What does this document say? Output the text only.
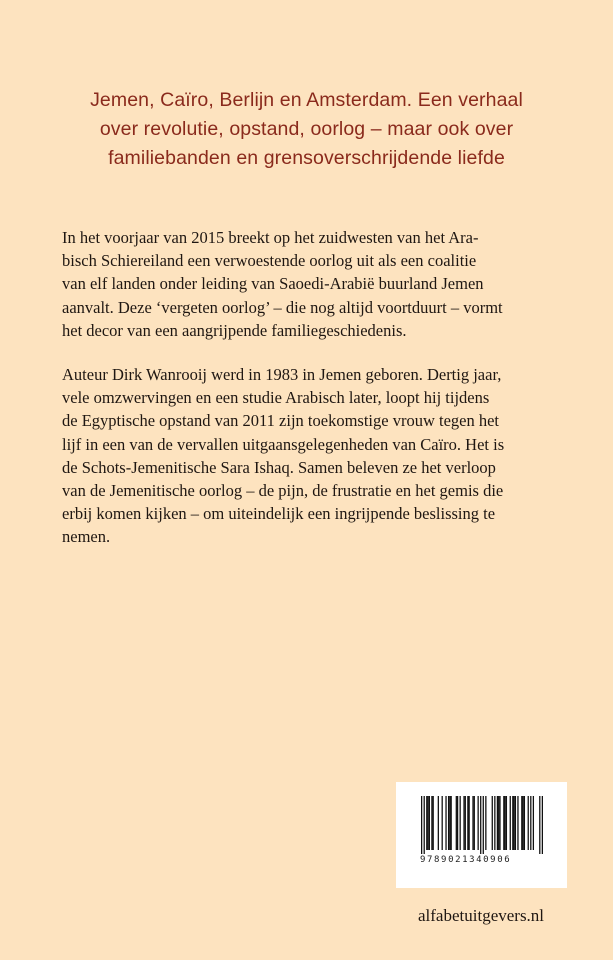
Jemen, Caïro, Berlijn en Amsterdam. Een verhaal
over revolutie, opstand, oorlog – maar ook over
familiebanden en grensoverschrijdende liefde
In het voorjaar van 2015 breekt op het zuidwesten van het Ara-
bisch Schiereiland een verwoestende oorlog uit als een coalitie
van elf landen onder leiding van Saoedi-Arabië buurland Jemen
aanvalt. Deze ‘vergeten oorlog’ – die nog altijd voortduurt – vormt
het decor van een aangrijpende familiegeschiedenis.
Auteur Dirk Wanrooij werd in 1983 in Jemen geboren. Dertig jaar,
vele omzwervingen en een studie Arabisch later, loopt hij tijdens
de Egyptische opstand van 2011 zijn toekomstige vrouw tegen het
lijf in een van de vervallen uitgaansgelegenheden van Caïro. Het is
de Schots-Jemenitische Sara Ishaq. Samen beleven ze het verloop
van de Jemenitische oorlog – de pijn, de frustratie en het gemis die
erbij komen kijken – om uiteindelijk een ingrijpende beslissing te
nemen.
9789021340906
alfabetuitgevers.nl
